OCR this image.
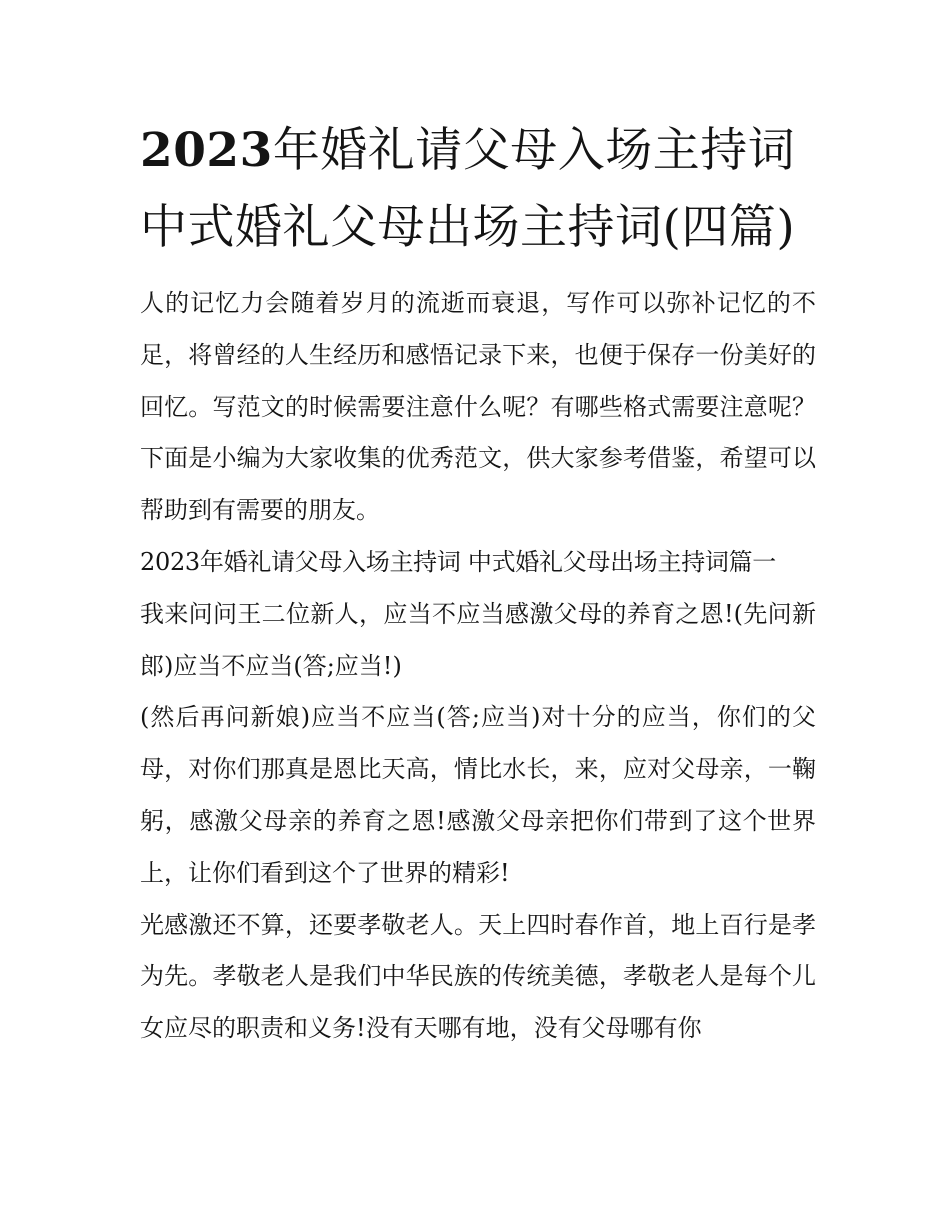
2023年婚礼请父母入场主持词 中式婚礼父母出场主持词(四篇)

人的记忆力会随着岁月的流逝而衰退，写作可以弥补记忆的不足，将曾经的人生经历和感悟记录下来，也便于保存一份美好的回忆。写范文的时候需要注意什么呢？有哪些格式需要注意呢？下面是小编为大家收集的优秀范文，供大家参考借鉴，希望可以帮助到有需要的朋友。

2023年婚礼请父母入场主持词 中式婚礼父母出场主持词篇一

我来问问王二位新人，应当不应当感激父母的养育之恩!(先问新郎)应当不应当(答;应当!)

(然后再问新娘)应当不应当(答;应当)对十分的应当，你们的父母，对你们那真是恩比天高，情比水长，来，应对父母亲，一鞠躬，感激父母亲的养育之恩!感激父母亲把你们带到了这个世界上，让你们看到这个了世界的精彩!

光感激还不算，还要孝敬老人。天上四时春作首，地上百行是孝为先。孝敬老人是我们中华民族的传统美德，孝敬老人是每个儿女应尽的职责和义务!没有天哪有地，没有父母哪有你
